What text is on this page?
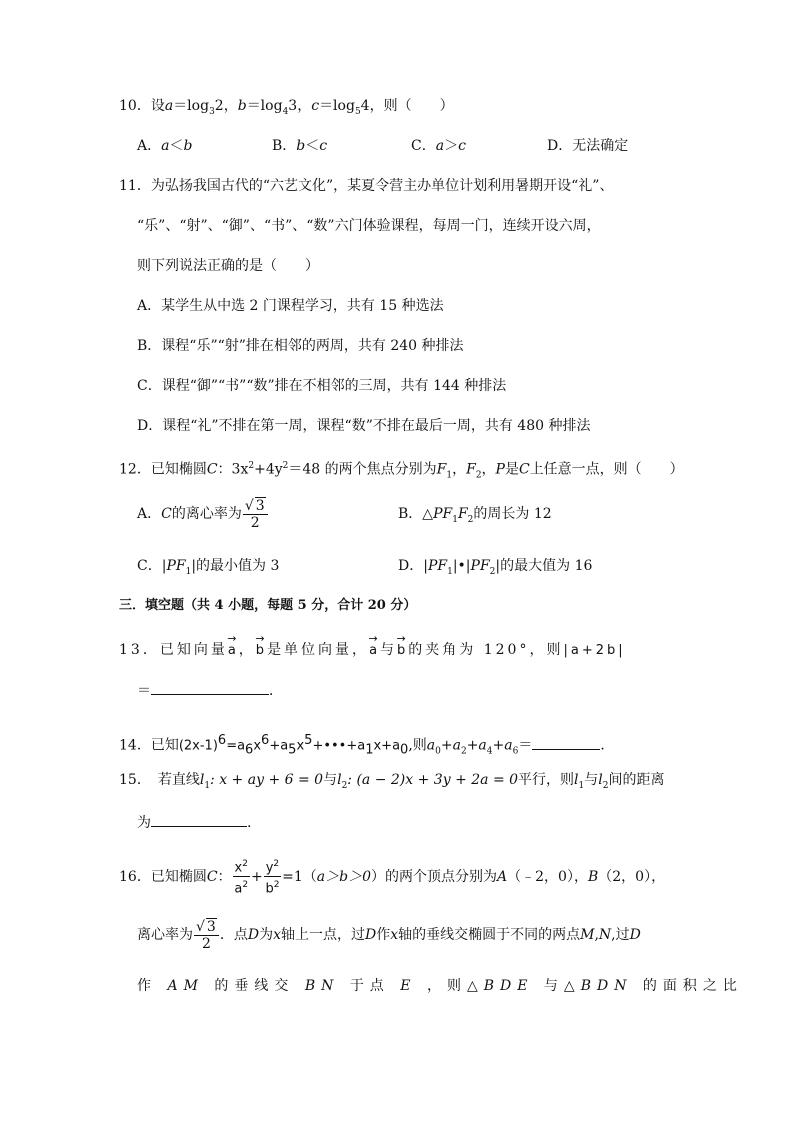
10．设$a=\log_32$，$b=\log_43$，$c=\log_54$，则（　　）
A．a＜b	B．b＜c	C．a＞c	D．无法确定
11．为弘扬我国古代的“六艺文化”，某夏令营主办单位计划利用暑期开设“礼”、
“乐”、“射”、“御”、“书”、“数”六门体验课程，每周一门，连续开设六周，
则下列说法正确的是（　　）
A．某学生从中选 2 门课程学习，共有 15 种选法
B．课程“乐”“射”排在相邻的两周，共有 240 种排法
C．课程“御”“书”“数”排在不相邻的三周，共有 144 种排法
D．课程“礼”不排在第一周，课程“数”不排在最后一周，共有 480 种排法
12．已知椭圆C：$3x^2+4y^2=48$ 的两个焦点分别为$F_1$，$F_2$，P是C上任意一点，则（　　）
A．C的离心率为 $\frac{√ 3}{2}$	B．$\triangle PF_1F_2$的周长为 12
C．$|PF_1|$的最小值为 3	D．$|PF_1|•|PF_2|$的最大值为 16
三．填空题（共 4 小题，每题 5 分，合计 20 分）
13．已知向量→ a，→ b是单位向量，→ a与→ b的夹角为 120°，则|a+2b|
＝	．
14．已知$(2x-1)^6=a_6x^6+a_5x^5+•••+a_1x+a_0$,则$a_0+a_2+a_4+a_6=$	．
15．　若直线$l_1$: x + ay + 6 = 0与$l_2$: (a − 2)x + 3y + 2a = 0平行，则$l_1$与$l_2$间的距离
为	.
16．已知椭圆C： $\frac{x^2}{a^2} + \frac{y^2}{b^2} =1(a>b>0)$的两个顶点分别为A（﹣2，0），B（2，0），
离心率为 $\frac{√ 3}{2}$ ．点D为x轴上一点，过D作x轴的垂线交椭圆于不同的两点M,N,过D
作 AM 的垂线交 BN 于点 E ，则△BDE 与△BDN 的面积之比
